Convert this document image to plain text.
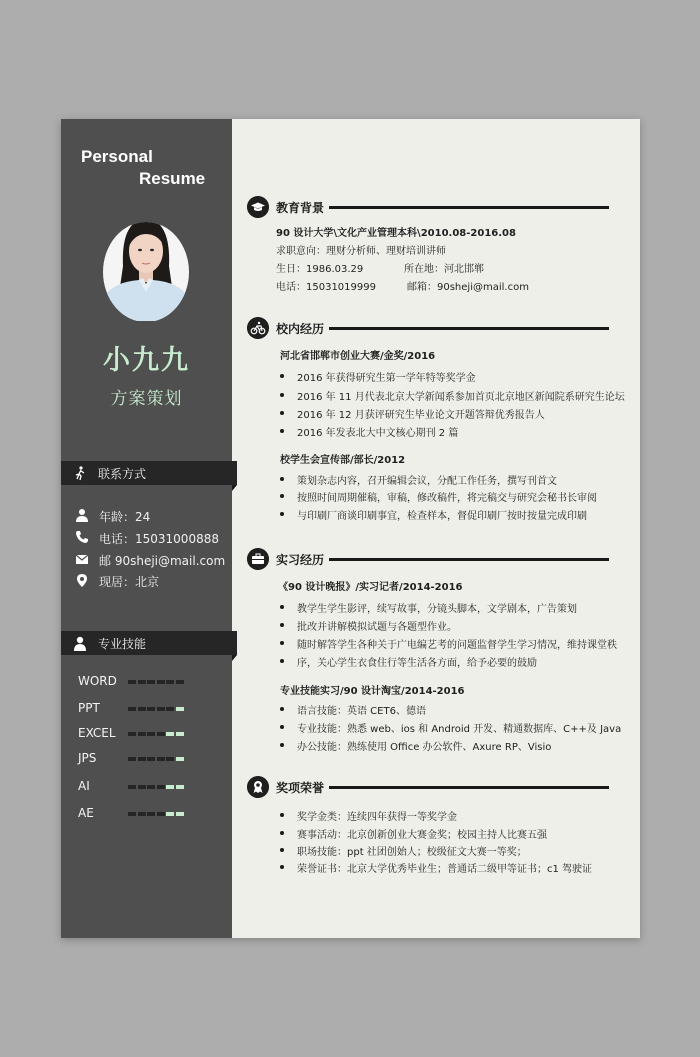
Personal
Resume
小九九
方案策划
联系方式
年龄：24
电话：15031000888
邮 90sheji@mail.com
现居：北京
专业技能
WORD
PPT
EXCEL
JPS
AI
AE
教育背景
90 设计大学\文化产业管理本科\2010.08-2016.08
求职意向：理财分析师、理财培训讲师
生日：1986.03.29	所在地：河北邯郸
电话：15031019999	邮箱：90sheji@mail.com
校内经历
河北省邯郸市创业大赛/金奖/2016
2016 年获得研究生第一学年特等奖学金
2016 年 11 月代表北京大学新闻系参加首页北京地区新闻院系研究生论坛
2016 年 12 月获评研究生毕业论文开题答辩优秀报告人
2016 年发表北大中文核心期刊 2 篇
校学生会宣传部/部长/2012
策划杂志内容，召开编辑会议，分配工作任务，撰写刊首文
按照时间周期催稿，审稿，修改稿件，将完稿交与研究会秘书长审阅
与印刷厂商谈印刷事宜，检查样本，督促印刷厂按时按量完成印刷
实习经历
《90 设计晚报》/实习记者/2014-2016
教学生学生影评，续写故事，分镜头脚本，文学剧本，广告策划
批改并讲解模拟试题与各题型作业。
随时解答学生各种关于广电编艺考的问题监督学生学习情况，维持课堂秩
序，关心学生衣食住行等生活各方面，给予必要的鼓励
专业技能实习/90 设计淘宝/2014-2016
语言技能：英语 CET6、德语
专业技能：熟悉 web、ios 和 Android 开发、精通数据库、C++及 Java
办公技能：熟练使用 Office 办公软件、Axure RP、Visio
奖项荣誉
奖学金类：连续四年获得一等奖学金
赛事活动：北京创新创业大赛金奖；校园主持人比赛五强
职场技能：ppt 社团创始人；校级征文大赛一等奖；
荣誉证书：北京大学优秀毕业生；普通话二级甲等证书；c1 驾驶证
